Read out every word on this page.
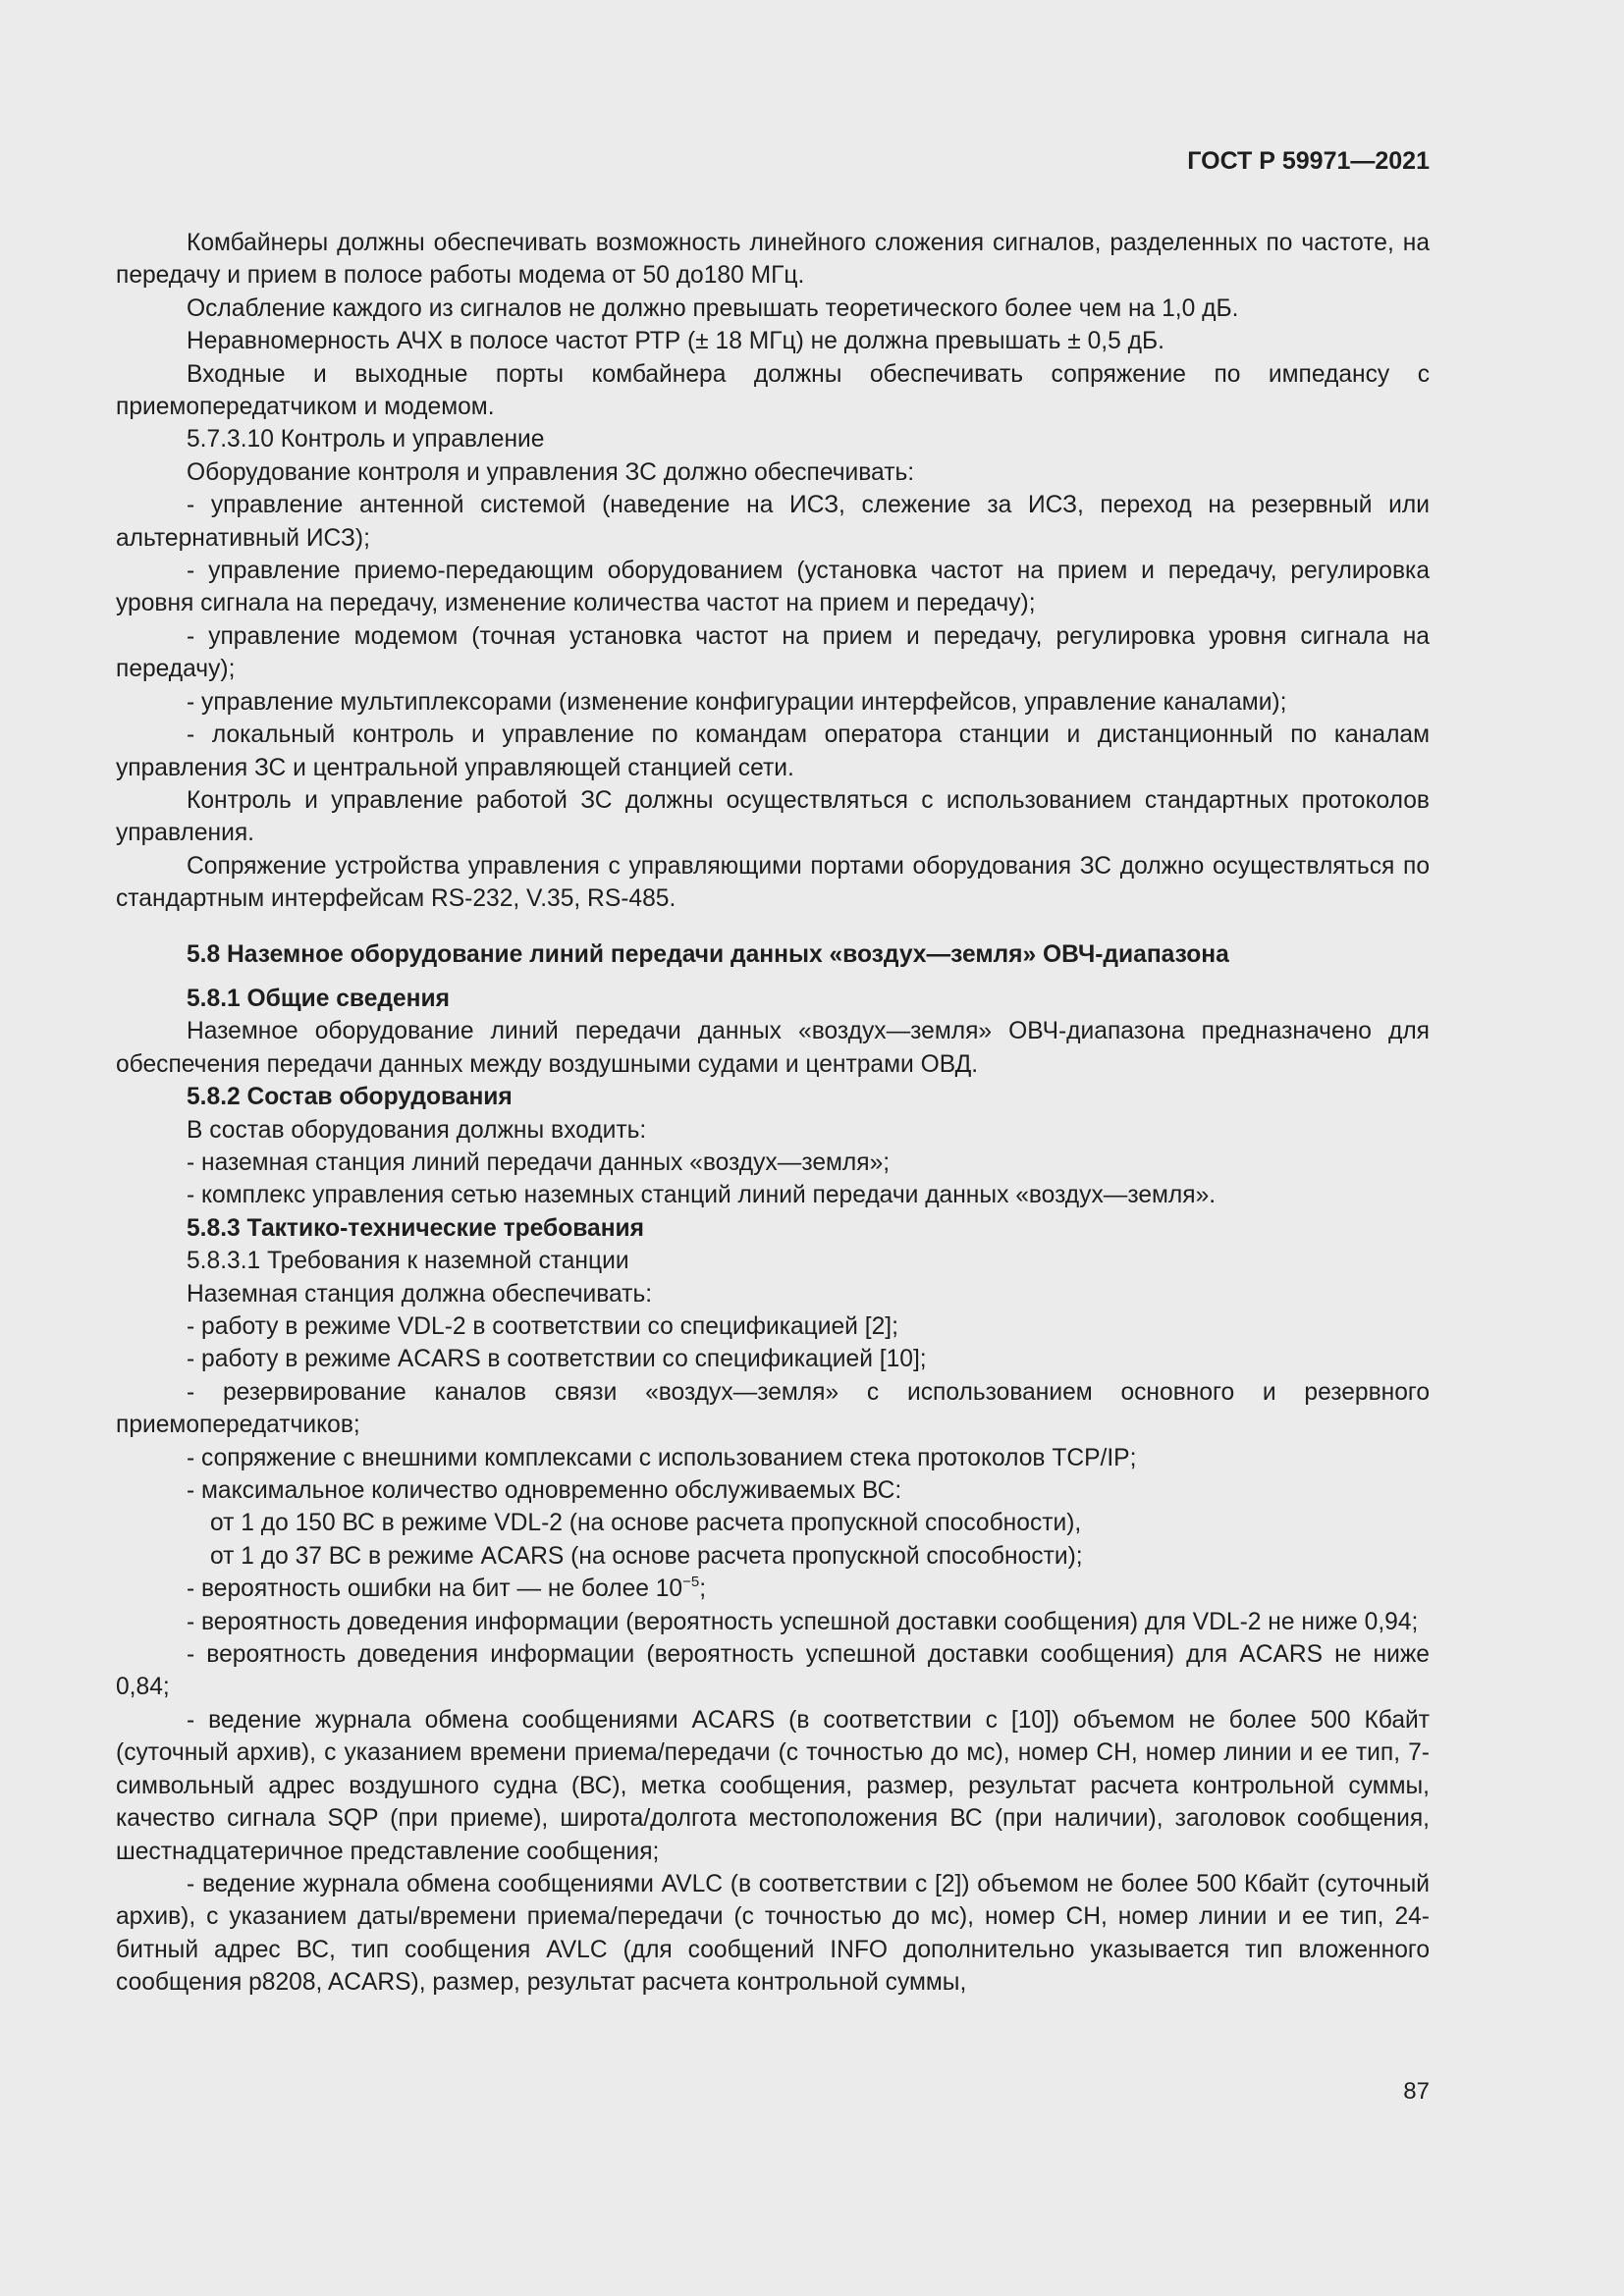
ГОСТ Р 59971—2021

Комбайнеры должны обеспечивать возможность линейного сложения сигналов, разделенных по частоте, на передачу и прием в полосе работы модема от 50 до180 МГц.

Ослабление каждого из сигналов не должно превышать теоретического более чем на 1,0 дБ.

Неравномерность АЧХ в полосе частот РТР (± 18 МГц) не должна превышать ± 0,5 дБ.

Входные и выходные порты комбайнера должны обеспечивать сопряжение по импедансу с приемопередатчиком и модемом.

5.7.3.10 Контроль и управление

Оборудование контроля и управления ЗС должно обеспечивать:

- управление антенной системой (наведение на ИСЗ, слежение за ИСЗ, переход на резервный или альтернативный ИСЗ);

- управление приемо-передающим оборудованием (установка частот на прием и передачу, регулировка уровня сигнала на передачу, изменение количества частот на прием и передачу);

- управление модемом (точная установка частот на прием и передачу, регулировка уровня сигнала на передачу);

- управление мультиплексорами (изменение конфигурации интерфейсов, управление каналами);

- локальный контроль и управление по командам оператора станции и дистанционный по каналам управления ЗС и центральной управляющей станцией сети.

Контроль и управление работой ЗС должны осуществляться с использованием стандартных протоколов управления.

Сопряжение устройства управления с управляющими портами оборудования ЗС должно осуществляться по стандартным интерфейсам RS-232, V.35, RS-485.

5.8 Наземное оборудование линий передачи данных «воздух—земля» ОВЧ-диапазона

5.8.1 Общие сведения

Наземное оборудование линий передачи данных «воздух—земля» ОВЧ-диапазона предназначено для обеспечения передачи данных между воздушными судами и центрами ОВД.

5.8.2 Состав оборудования

В состав оборудования должны входить:

- наземная станция линий передачи данных «воздух—земля»;

- комплекс управления сетью наземных станций линий передачи данных «воздух—земля».

5.8.3 Тактико-технические требования

5.8.3.1 Требования к наземной станции

Наземная станция должна обеспечивать:

- работу в режиме VDL-2 в соответствии со спецификацией [2];

- работу в режиме ACARS в соответствии со спецификацией [10];

- резервирование каналов связи «воздух—земля» с использованием основного и резервного приемопередатчиков;

- сопряжение с внешними комплексами с использованием стека протоколов TCP/IP;

- максимальное количество одновременно обслуживаемых ВС:

от 1 до 150 ВС в режиме VDL-2 (на основе расчета пропускной способности),

от 1 до 37 ВС в режиме ACARS (на основе расчета пропускной способности);

- вероятность ошибки на бит — не более $10^{-5}$;

- вероятность доведения информации (вероятность успешной доставки сообщения) для VDL-2 не ниже 0,94;

- вероятность доведения информации (вероятность успешной доставки сообщения) для ACARS не ниже 0,84;

- ведение журнала обмена сообщениями ACARS (в соответствии с [10]) объемом не более 500 Кбайт (суточный архив), с указанием времени приема/передачи (с точностью до мс), номер СН, номер линии и ее тип, 7-символьный адрес воздушного судна (ВС), метка сообщения, размер, результат расчета контрольной суммы, качество сигнала SQP (при приеме), широта/долгота местоположения ВС (при наличии), заголовок сообщения, шестнадцатеричное представление сообщения;

- ведение журнала обмена сообщениями AVLC (в соответствии с [2]) объемом не более 500 Кбайт (суточный архив), с указанием даты/времени приема/передачи (с точностью до мс), номер СН, номер линии и ее тип, 24-битный адрес ВС, тип сообщения AVLC (для сообщений INFO дополнительно указывается тип вложенного сообщения p8208, ACARS), размер, результат расчета контрольной суммы,

87
